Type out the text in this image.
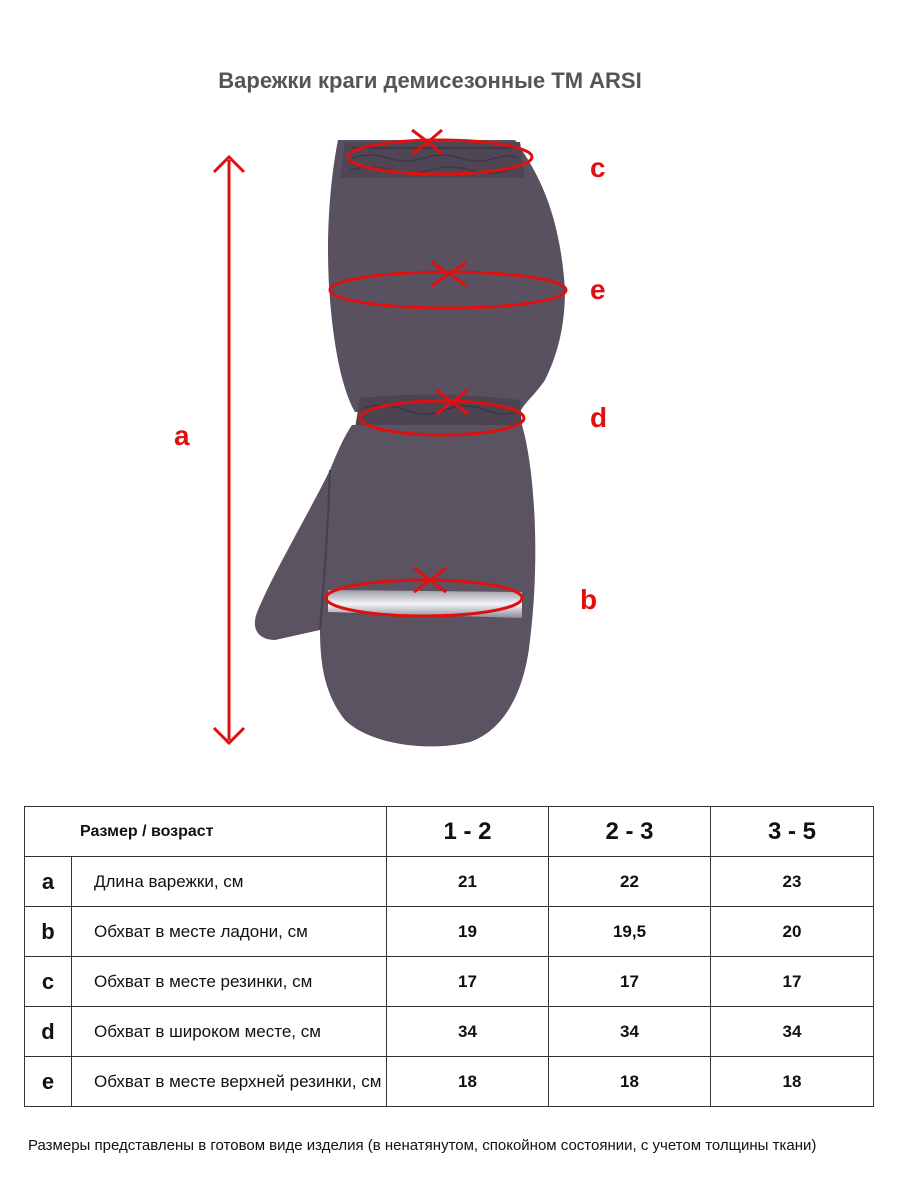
Варежки краги демисезонные ТМ ARSI
c
e
d
a
b
Размер / возраст		1 - 2	2 - 3	3 - 5
a	Длина варежки, см	21	22	23
b	Обхват в месте ладони, см	19	19,5	20
c	Обхват в месте резинки, см	17	17	17
d	Обхват в широком месте, см	34	34	34
e	Обхват в месте верхней резинки, см	18	18	18
Размеры представлены в готовом виде изделия (в ненатянутом, спокойном состоянии, с учетом толщины ткани)
